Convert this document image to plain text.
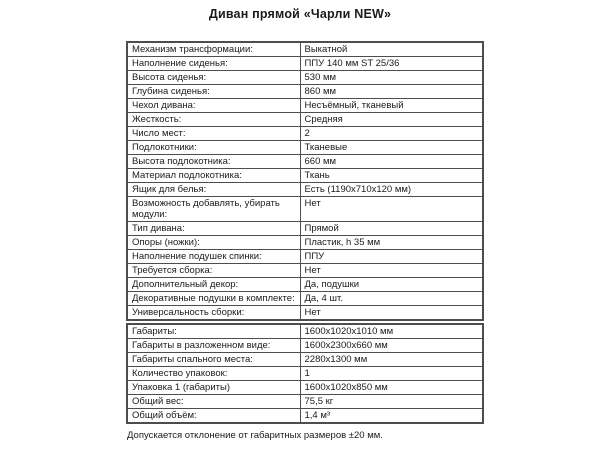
Диван прямой «Чарли NEW»
Механизм трансформации:	Выкатной
Наполнение сиденья:	ППУ 140 мм ST 25/36
Высота сиденья:	530 мм
Глубина сиденья:	860 мм
Чехол дивана:	Несъёмный, тканевый
Жесткость:	Средняя
Число мест:	2
Подлокотники:	Тканевые
Высота подлокотника:	660 мм
Материал подлокотника:	Ткань
Ящик для белья:	Есть (1190х710х120 мм)
Возможность добавлять, убирать модули:	Нет
Тип дивана:	Прямой
Опоры (ножки):	Пластик, h 35 мм
Наполнение подушек спинки:	ППУ
Требуется сборка:	Нет
Дополнительный декор:	Да, подушки
Декоративные подушки в комплекте:	Да, 4 шт.
Универсальность сборки:	Нет
Габариты:	1600х1020х1010 мм
Габариты в разложенном виде:	1600х2300х660 мм
Габариты спального места:	2280х1300 мм
Количество упаковок:	1
Упаковка 1 (габариты)	1600х1020х850 мм
Общий вес:	75,5 кг
Общий объём:	1,4 м³
Допускается отклонение от габаритных размеров ±20 мм.
